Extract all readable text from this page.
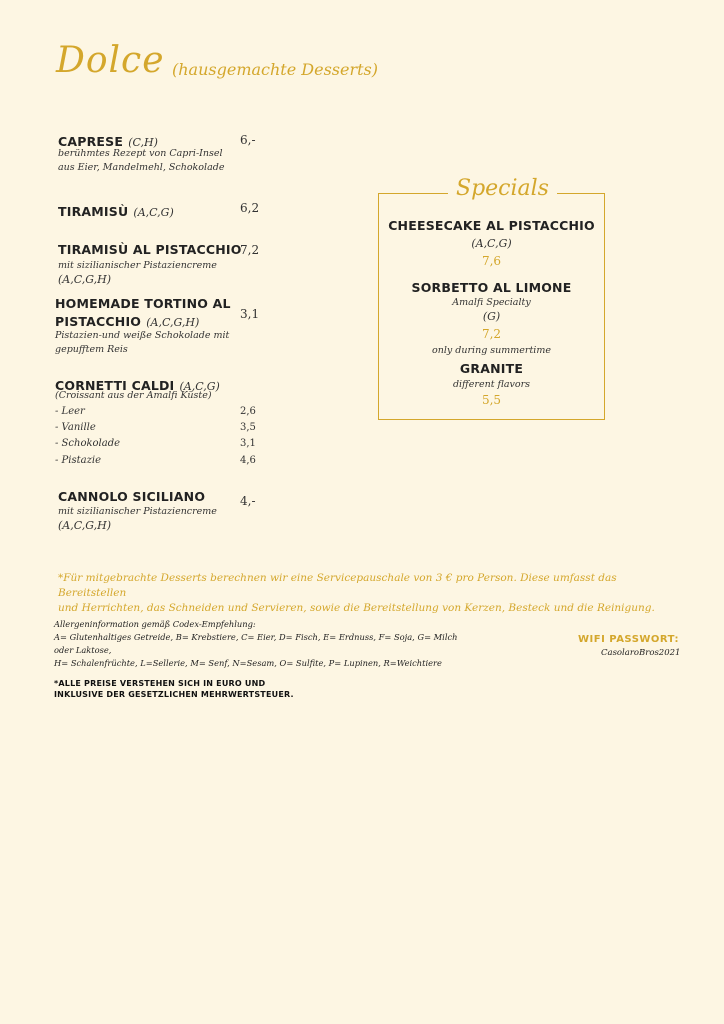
Dolce (hausgemachte Desserts)
CAPRESE (C,H)
berühmtes Rezept von Capri-Insel
aus Eier, Mandelmehl, Schokolade
6,-
TIRAMISÙ (A,C,G)	6,2
TIRAMISÙ AL PISTACCHIO
mit sizilianischer Pistaziencreme
(A,C,G,H)
7,2
HOMEMADE TORTINO AL
PISTACCHIO (A,C,G,H)
Pistazien-und weiße Schokolade mit
gepufftem Reis
3,1
CORNETTI CALDI (A,C,G)
(Croissant aus der Amalfi Küste)
- Leer	2,6
- Vanille	3,5
- Schokolade	3,1
- Pistazie	4,6
CANNOLO SICILIANO
mit sizilianischer Pistaziencreme
(A,C,G,H)
4,-
Specials
CHEESECAKE AL PISTACCHIO
(A,C,G)
7,6
SORBETTO AL LIMONE
Amalfi Specialty
(G)
7,2
only during summertime
GRANITE
different flavors
5,5
*Für mitgebrachte Desserts berechnen wir eine Servicepauschale von 3 € pro Person. Diese umfasst das Bereitstellen
und Herrichten, das Schneiden und Servieren, sowie die Bereitstellung von Kerzen, Besteck und die Reinigung.
Allergeninformation gemäß Codex-Empfehlung:
A= Glutenhaltiges Getreide, B= Krebstiere, C= Eier, D= Fisch, E= Erdnuss, F= Soja, G= Milch oder Laktose,
H= Schalenfrüchte, L=Sellerie, M= Senf, N=Sesam, O= Sulfite, P= Lupinen, R=Weichtiere
WIFI PASSWORT:
CasolaroBros2021
*ALLE PREISE VERSTEHEN SICH IN EURO UND
INKLUSIVE DER GESETZLICHEN MEHRWERTSTEUER.
